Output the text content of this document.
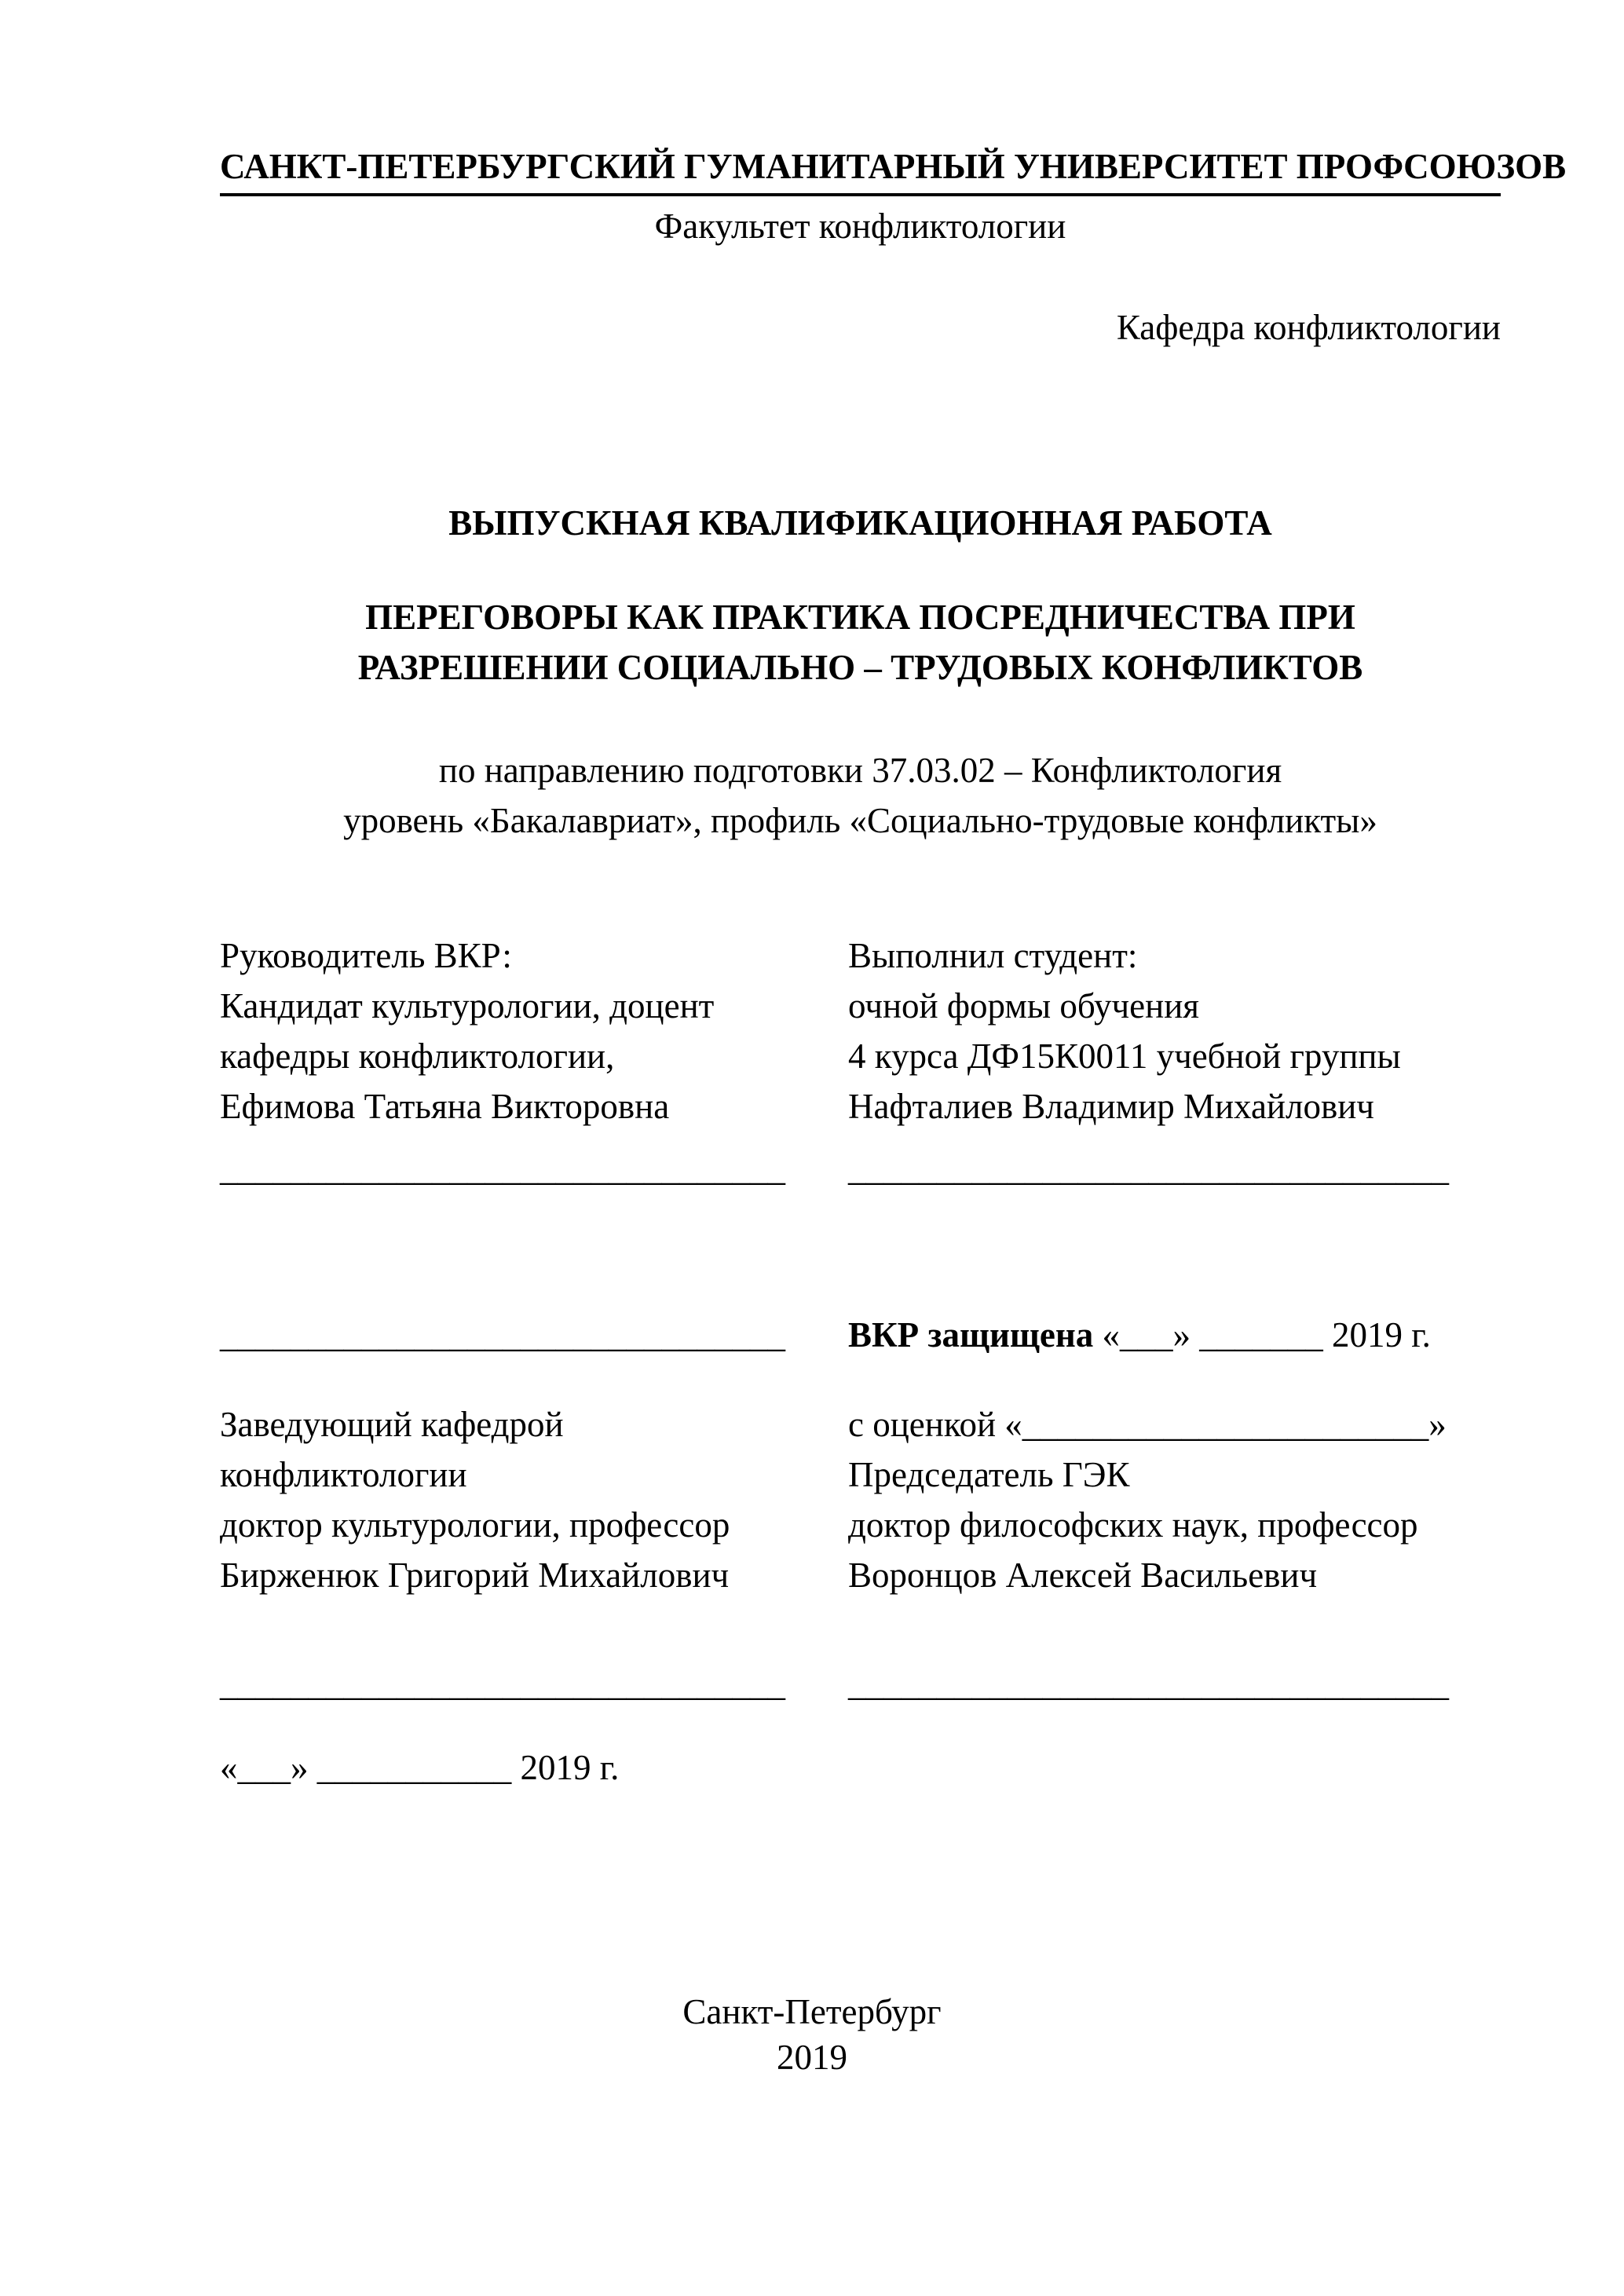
САНКТ-ПЕТЕРБУРГСКИЙ ГУМАНИТАРНЫЙ УНИВЕРСИТЕТ ПРОФСОЮЗОВ
Факультет конфликтологии
Кафедра конфликтологии
ВЫПУСКНАЯ КВАЛИФИКАЦИОННАЯ РАБОТА
ПЕРЕГОВОРЫ КАК ПРАКТИКА ПОСРЕДНИЧЕСТВА ПРИ
РАЗРЕШЕНИИ СОЦИАЛЬНО – ТРУДОВЫХ КОНФЛИКТОВ
по направлению подготовки 37.03.02 – Конфликтология
уровень «Бакалавриат», профиль «Социально-трудовые конфликты»
Руководитель ВКР:
Кандидат культурологии, доцент
кафедры конфликтологии,
Ефимова Татьяна Викторовна
________________________________
Выполнил студент:
очной формы обучения
4 курса ДФ15К0011 учебной группы
Нафталиев Владимир Михайлович
__________________________________
________________________________
Заведующий кафедрой
конфликтологии
доктор культурологии, профессор
Бирженюк Григорий Михайлович
________________________________
«___» ___________ 2019 г.
ВКР защищена «___» _______ 2019 г.
с оценкой «_______________________»
Председатель ГЭК
доктор философских наук, профессор
Воронцов Алексей Васильевич
__________________________________
Санкт-Петербург
2019
